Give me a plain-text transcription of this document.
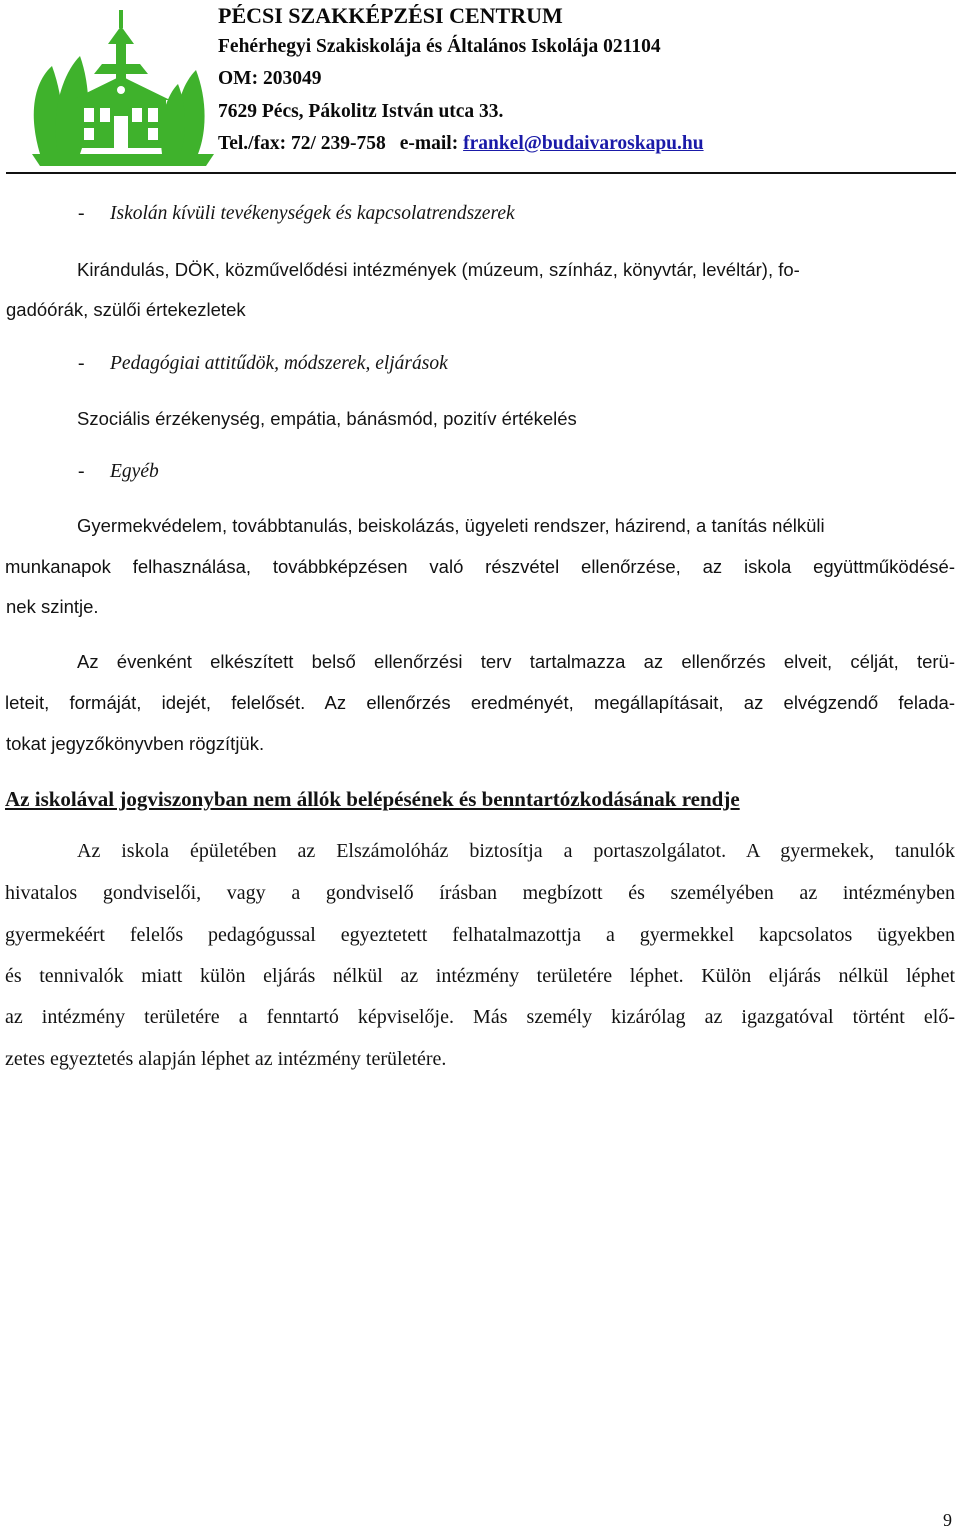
PÉCSI SZAKKÉPZÉSI CENTRUM
Fehérhegyi Szakiskolája és Általános Iskolája 021104
OM: 203049
7629 Pécs, Pákolitz István utca 33.
Tel./fax: 72/ 239-758 e-mail: frankel@budaivaroskapu.hu
- Iskolán kívüli tevékenységek és kapcsolatrendszerek
Kirándulás, DÖK, közművelődési intézmények (múzeum, színház, könyvtár, levéltár), fo-
gadóórák, szülői értekezletek
- Pedagógiai attitűdök, módszerek, eljárások
Szociális érzékenység, empátia, bánásmód, pozitív értékelés
- Egyéb
Gyermekvédelem, továbbtanulás, beiskolázás, ügyeleti rendszer, házirend, a tanítás nélküli
munkanapok felhasználása, továbbképzésen való részvétel ellenőrzése, az iskola együttműködésé-
nek szintje.
Az évenként elkészített belső ellenőrzési terv tartalmazza az ellenőrzés elveit, célját, terü-
leteit, formáját, idejét, felelősét. Az ellenőrzés eredményét, megállapításait, az elvégzendő felada-
tokat jegyzőkönyvben rögzítjük.
Az iskolával jogviszonyban nem állók belépésének és benntartózkodásának rendje
Az iskola épületében az Elszámolóház biztosítja a portaszolgálatot. A gyermekek, tanulók
hivatalos gondviselői, vagy a gondviselő írásban megbízott és személyében az intézményben
gyermekéért felelős pedagógussal egyeztetett felhatalmazottja a gyermekkel kapcsolatos ügyekben
és tennivalók miatt külön eljárás nélkül az intézmény területére léphet. Külön eljárás nélkül léphet
az intézmény területére a fenntartó képviselője. Más személy kizárólag az igazgatóval történt elő-
zetes egyeztetés alapján léphet az intézmény területére.
9
